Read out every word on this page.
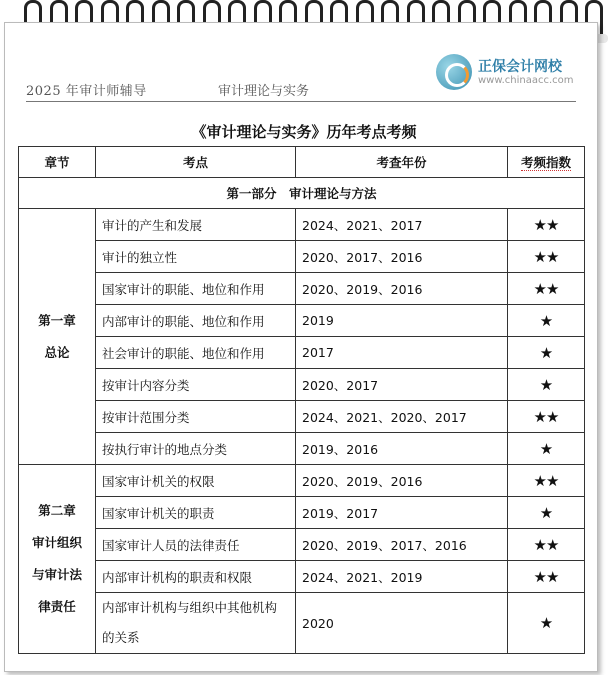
2025 年审计师辅导	审计理论与实务
正保会计网校
www.chinaacc.com
《审计理论与实务》历年考点考频
章节	考点	考查年份	考频指数
第一部分　审计理论与方法			

第一章
总论	审计的产生和发展	2024、2021、2017	★★
	审计的独立性	2020、2017、2016	★★
	国家审计的职能、地位和作用	2020、2019、2016	★★
	内部审计的职能、地位和作用	2019	★
	社会审计的职能、地位和作用	2017	★
	按审计内容分类	2020、2017	★
	按审计范围分类	2024、2021、2020、2017	★★
	按执行审计的地点分类	2019、2016	★

第二章
审计组织
与审计法
律责任	国家审计机关的权限	2020、2019、2016	★★
	国家审计机关的职责	2019、2017	★
	国家审计人员的法律责任	2020、2019、2017、2016	★★
	内部审计机构的职责和权限	2024、2021、2019	★★
	内部审计机构与组织中其他机构的关系	2020	★
